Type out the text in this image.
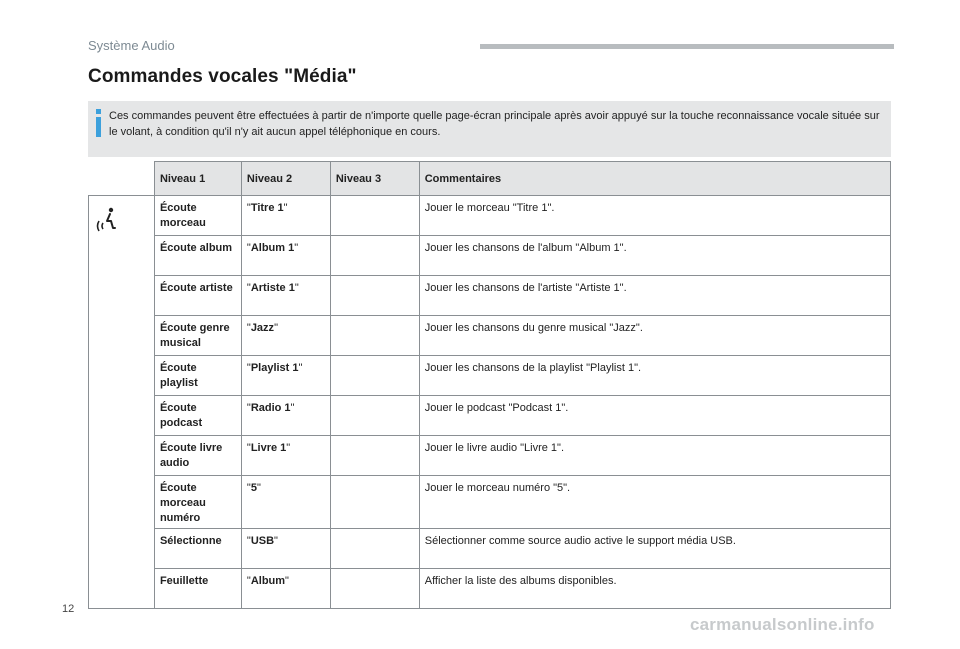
Système Audio
Commandes vocales "Média"
Ces commandes peuvent être effectuées à partir de n'importe quelle page-écran principale après avoir appuyé sur la touche reconnaissance vocale située sur le volant, à condition qu'il n'y ait aucun appel téléphonique en cours.
	Niveau 1	Niveau 2	Niveau 3	Commentaires
	Écoute morceau	"Titre 1"		Jouer le morceau "Titre 1".
	Écoute album	"Album 1"		Jouer les chansons de l'album "Album 1".
	Écoute artiste	"Artiste 1"		Jouer les chansons de l'artiste "Artiste 1".
	Écoute genre musical	"Jazz"		Jouer les chansons du genre musical "Jazz".
	Écoute playlist	"Playlist 1"		Jouer les chansons de la playlist "Playlist 1".
	Écoute podcast	"Radio 1"		Jouer le podcast "Podcast 1".
	Écoute livre audio	"Livre 1"		Jouer le livre audio "Livre 1".
	Écoute morceau numéro	"5"		Jouer le morceau numéro "5".
	Sélectionne	"USB"		Sélectionner comme source audio active le support média USB.
	Feuillette	"Album"		Afficher la liste des albums disponibles.
12
carmanualsonline.info
